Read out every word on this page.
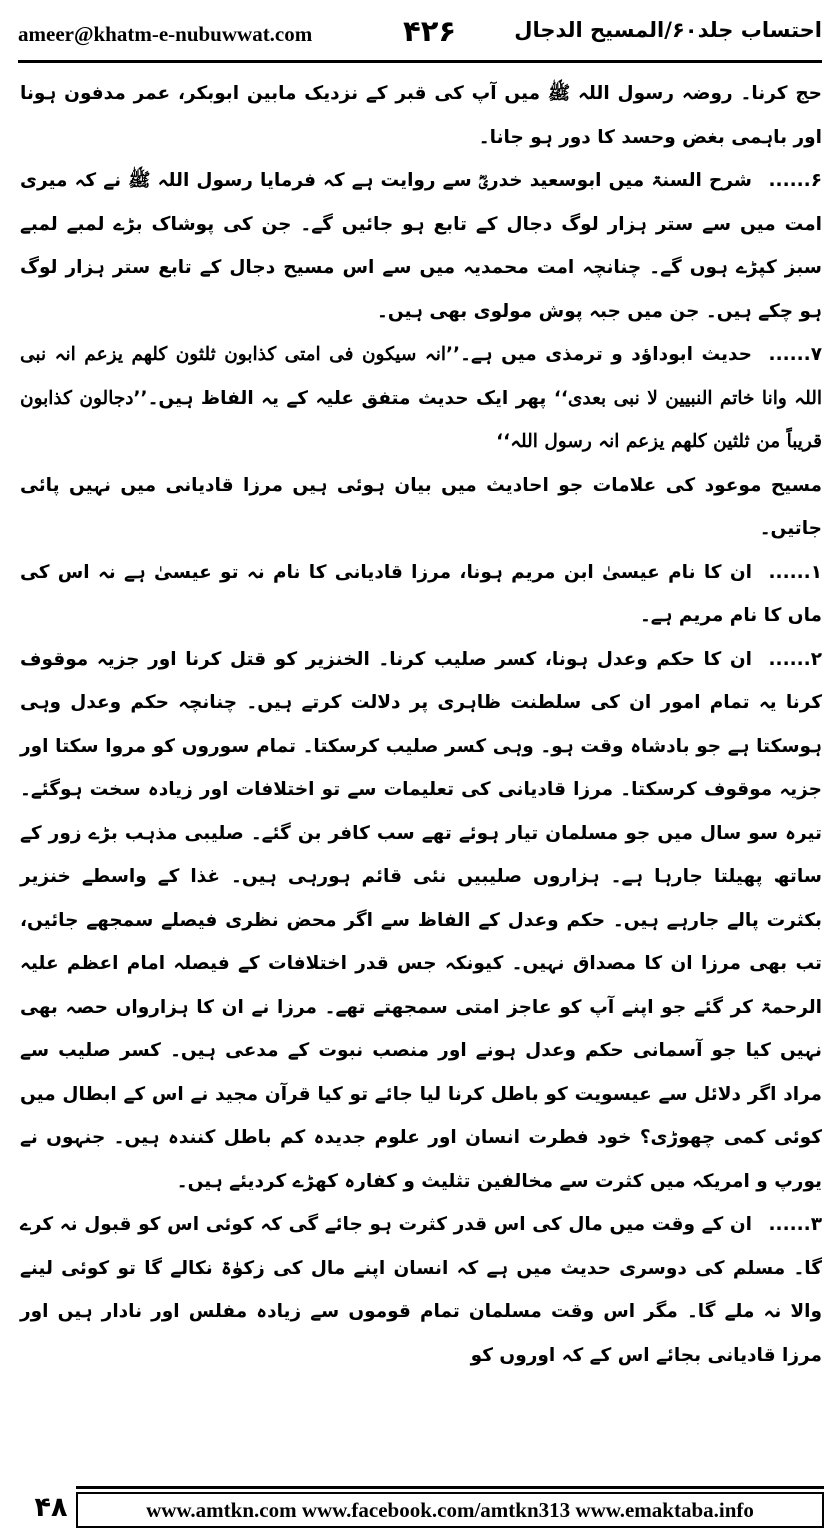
ameer@khatm-e-nubuwwat.com	۴۲۶	احتساب جلد۶۰/المسیح الدجال

حج کرنا۔ روضہ رسول اللہ ﷺ میں آپ کی قبر کے نزدیک مابین ابوبکر، عمر مدفون ہونا اور باہمی بغض وحسد کا دور ہو جانا۔

۶......شرح السنۃ میں ابوسعید خدریؓ سے روایت ہے کہ فرمایا رسول اللہ ﷺ نے کہ میری امت میں سے ستر ہزار لوگ دجال کے تابع ہو جائیں گے۔ جن کی پوشاک بڑے لمبے لمبے سبز کپڑے ہوں گے۔ چنانچہ امت محمدیہ میں سے اس مسیح دجال کے تابع ستر ہزار لوگ ہو چکے ہیں۔ جن میں جبہ پوش مولوی بھی ہیں۔

۷......حدیث ابوداؤد و ترمذی میں ہے۔’’انہ سیکون فی امتی کذابون ثلثون کلھم یزعم انہ نبی اللہ وانا خاتم النبیین لا نبی بعدی‘‘ پھر ایک حدیث متفق علیہ کے یہ الفاظ ہیں۔’’دجالون کذابون قریباً من ثلثین کلھم یزعم انہ رسول اللہ‘‘

مسیح موعود کی علامات جو احادیث میں بیان ہوئی ہیں مرزا قادیانی میں نہیں پائی جاتیں۔

۱......ان کا نام عیسیٰ ابن مریم ہونا، مرزا قادیانی کا نام نہ تو عیسیٰ ہے نہ اس کی ماں کا نام مریم ہے۔

۲......ان کا حکم وعدل ہونا، کسر صلیب کرنا۔ الخنزیر کو قتل کرنا اور جزیہ موقوف کرنا یہ تمام امور ان کی سلطنت ظاہری پر دلالت کرتے ہیں۔ چنانچہ حکم وعدل وہی ہوسکتا ہے جو بادشاہ وقت ہو۔ وہی کسر صلیب کرسکتا۔ تمام سوروں کو مروا سکتا اور جزیہ موقوف کرسکتا۔ مرزا قادیانی کی تعلیمات سے تو اختلافات اور زیادہ سخت ہوگئے۔ تیرہ سو سال میں جو مسلمان تیار ہوئے تھے سب کافر بن گئے۔ صلیبی مذہب بڑے زور کے ساتھ پھیلتا جارہا ہے۔ ہزاروں صلیبیں نئی قائم ہورہی ہیں۔ غذا کے واسطے خنزیر بکثرت پالے جارہے ہیں۔ حکم وعدل کے الفاظ سے اگر محض نظری فیصلے سمجھے جائیں، تب بھی مرزا ان کا مصداق نہیں۔ کیونکہ جس قدر اختلافات کے فیصلہ امام اعظم علیہ الرحمۃ کر گئے جو اپنے آپ کو عاجز امتی سمجھتے تھے۔ مرزا نے ان کا ہزارواں حصہ بھی نہیں کیا جو آسمانی حکم وعدل ہونے اور منصب نبوت کے مدعی ہیں۔ کسر صلیب سے مراد اگر دلائل سے عیسویت کو باطل کرنا لیا جائے تو کیا قرآن مجید نے اس کے ابطال میں کوئی کمی چھوڑی؟ خود فطرت انسان اور علوم جدیدہ کم باطل کنندہ ہیں۔ جنہوں نے یورپ و امریکہ میں کثرت سے مخالفین تثلیث و کفارہ کھڑے کردیئے ہیں۔

۳......ان کے وقت میں مال کی اس قدر کثرت ہو جائے گی کہ کوئی اس کو قبول نہ کرے گا۔ مسلم کی دوسری حدیث میں ہے کہ انسان اپنے مال کی زکوٰۃ نکالے گا تو کوئی لینے والا نہ ملے گا۔ مگر اس وقت مسلمان تمام قوموں سے زیادہ مفلس اور نادار ہیں اور مرزا قادیانی بجائے اس کے کہ اوروں کو

۴۸	www.amtkn.com www.facebook.com/amtkn313 www.emaktaba.info
